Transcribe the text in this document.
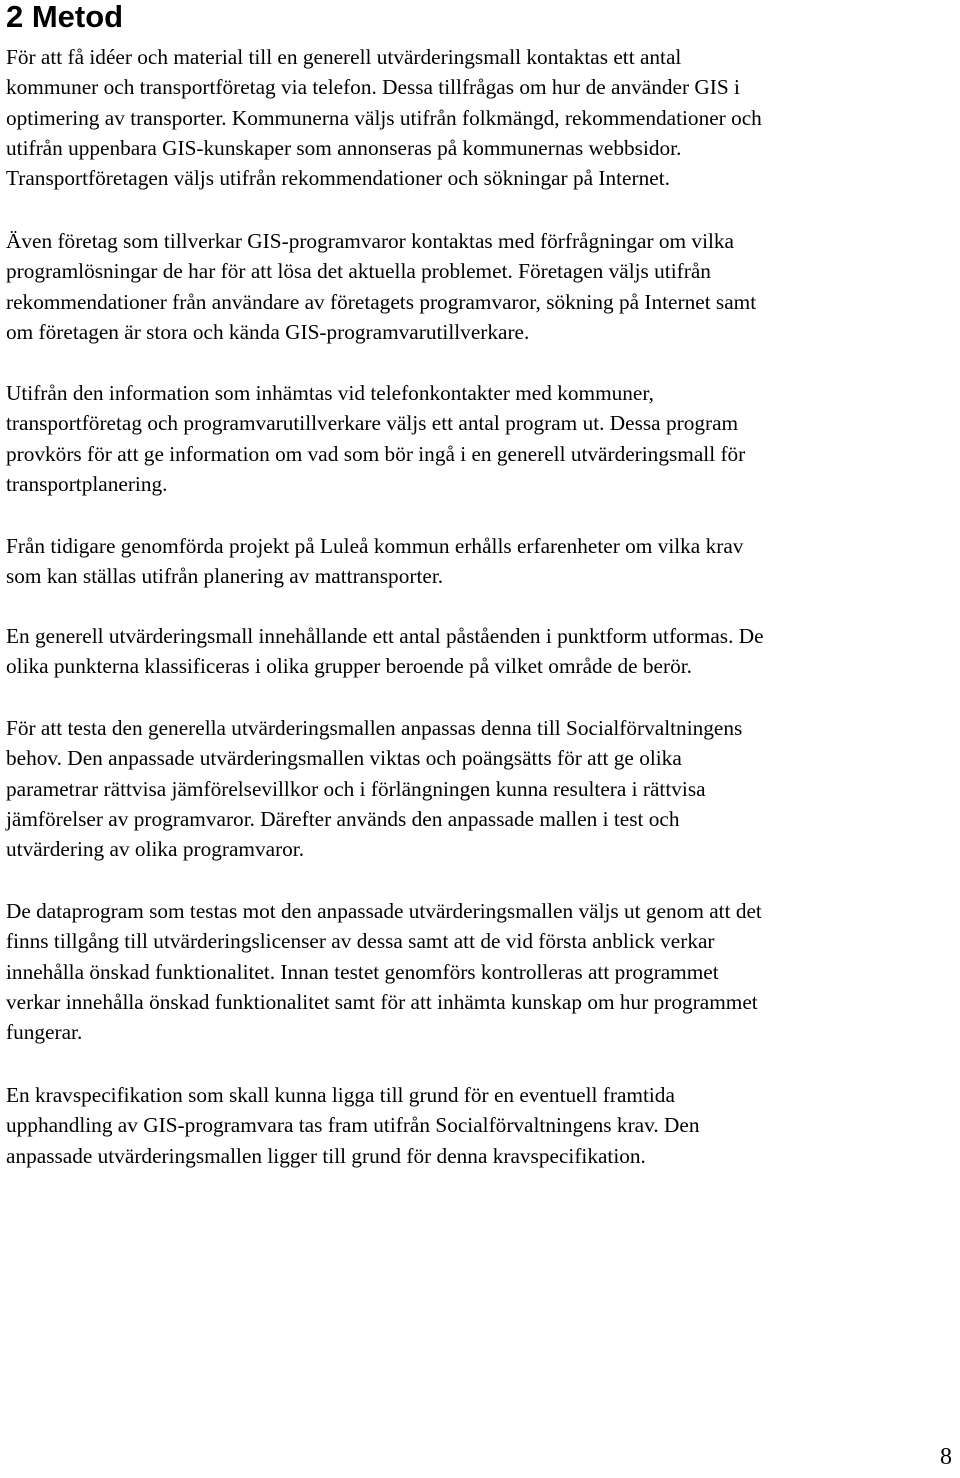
2 Metod
För att få idéer och material till en generell utvärderingsmall kontaktas ett antal
kommuner och transportföretag via telefon. Dessa tillfrågas om hur de använder GIS i
optimering av transporter. Kommunerna väljs utifrån folkmängd, rekommendationer och
utifrån uppenbara GIS-kunskaper som annonseras på kommunernas webbsidor.
Transportföretagen väljs utifrån rekommendationer och sökningar på Internet.
Även företag som tillverkar GIS-programvaror kontaktas med förfrågningar om vilka
programlösningar de har för att lösa det aktuella problemet. Företagen väljs utifrån
rekommendationer från användare av företagets programvaror, sökning på Internet samt
om företagen är stora och kända GIS-programvarutillverkare.
Utifrån den information som inhämtas vid telefonkontakter med kommuner,
transportföretag och programvarutillverkare väljs ett antal program ut. Dessa program
provkörs för att ge information om vad som bör ingå i en generell utvärderingsmall för
transportplanering.
Från tidigare genomförda projekt på Luleå kommun erhålls erfarenheter om vilka krav
som kan ställas utifrån planering av mattransporter.
En generell utvärderingsmall innehållande ett antal påståenden i punktform utformas. De
olika punkterna klassificeras i olika grupper beroende på vilket område de berör.
För att testa den generella utvärderingsmallen anpassas denna till Socialförvaltningens
behov. Den anpassade utvärderingsmallen viktas och poängsätts för att ge olika
parametrar rättvisa jämförelsevillkor och i förlängningen kunna resultera i rättvisa
jämförelser av programvaror. Därefter används den anpassade mallen i test och
utvärdering av olika programvaror.
De dataprogram som testas mot den anpassade utvärderingsmallen väljs ut genom att det
finns tillgång till utvärderingslicenser av dessa samt att de vid första anblick verkar
innehålla önskad funktionalitet. Innan testet genomförs kontrolleras att programmet
verkar innehålla önskad funktionalitet samt för att inhämta kunskap om hur programmet
fungerar.
En kravspecifikation som skall kunna ligga till grund för en eventuell framtida
upphandling av GIS-programvara tas fram utifrån Socialförvaltningens krav. Den
anpassade utvärderingsmallen ligger till grund för denna kravspecifikation.
8
